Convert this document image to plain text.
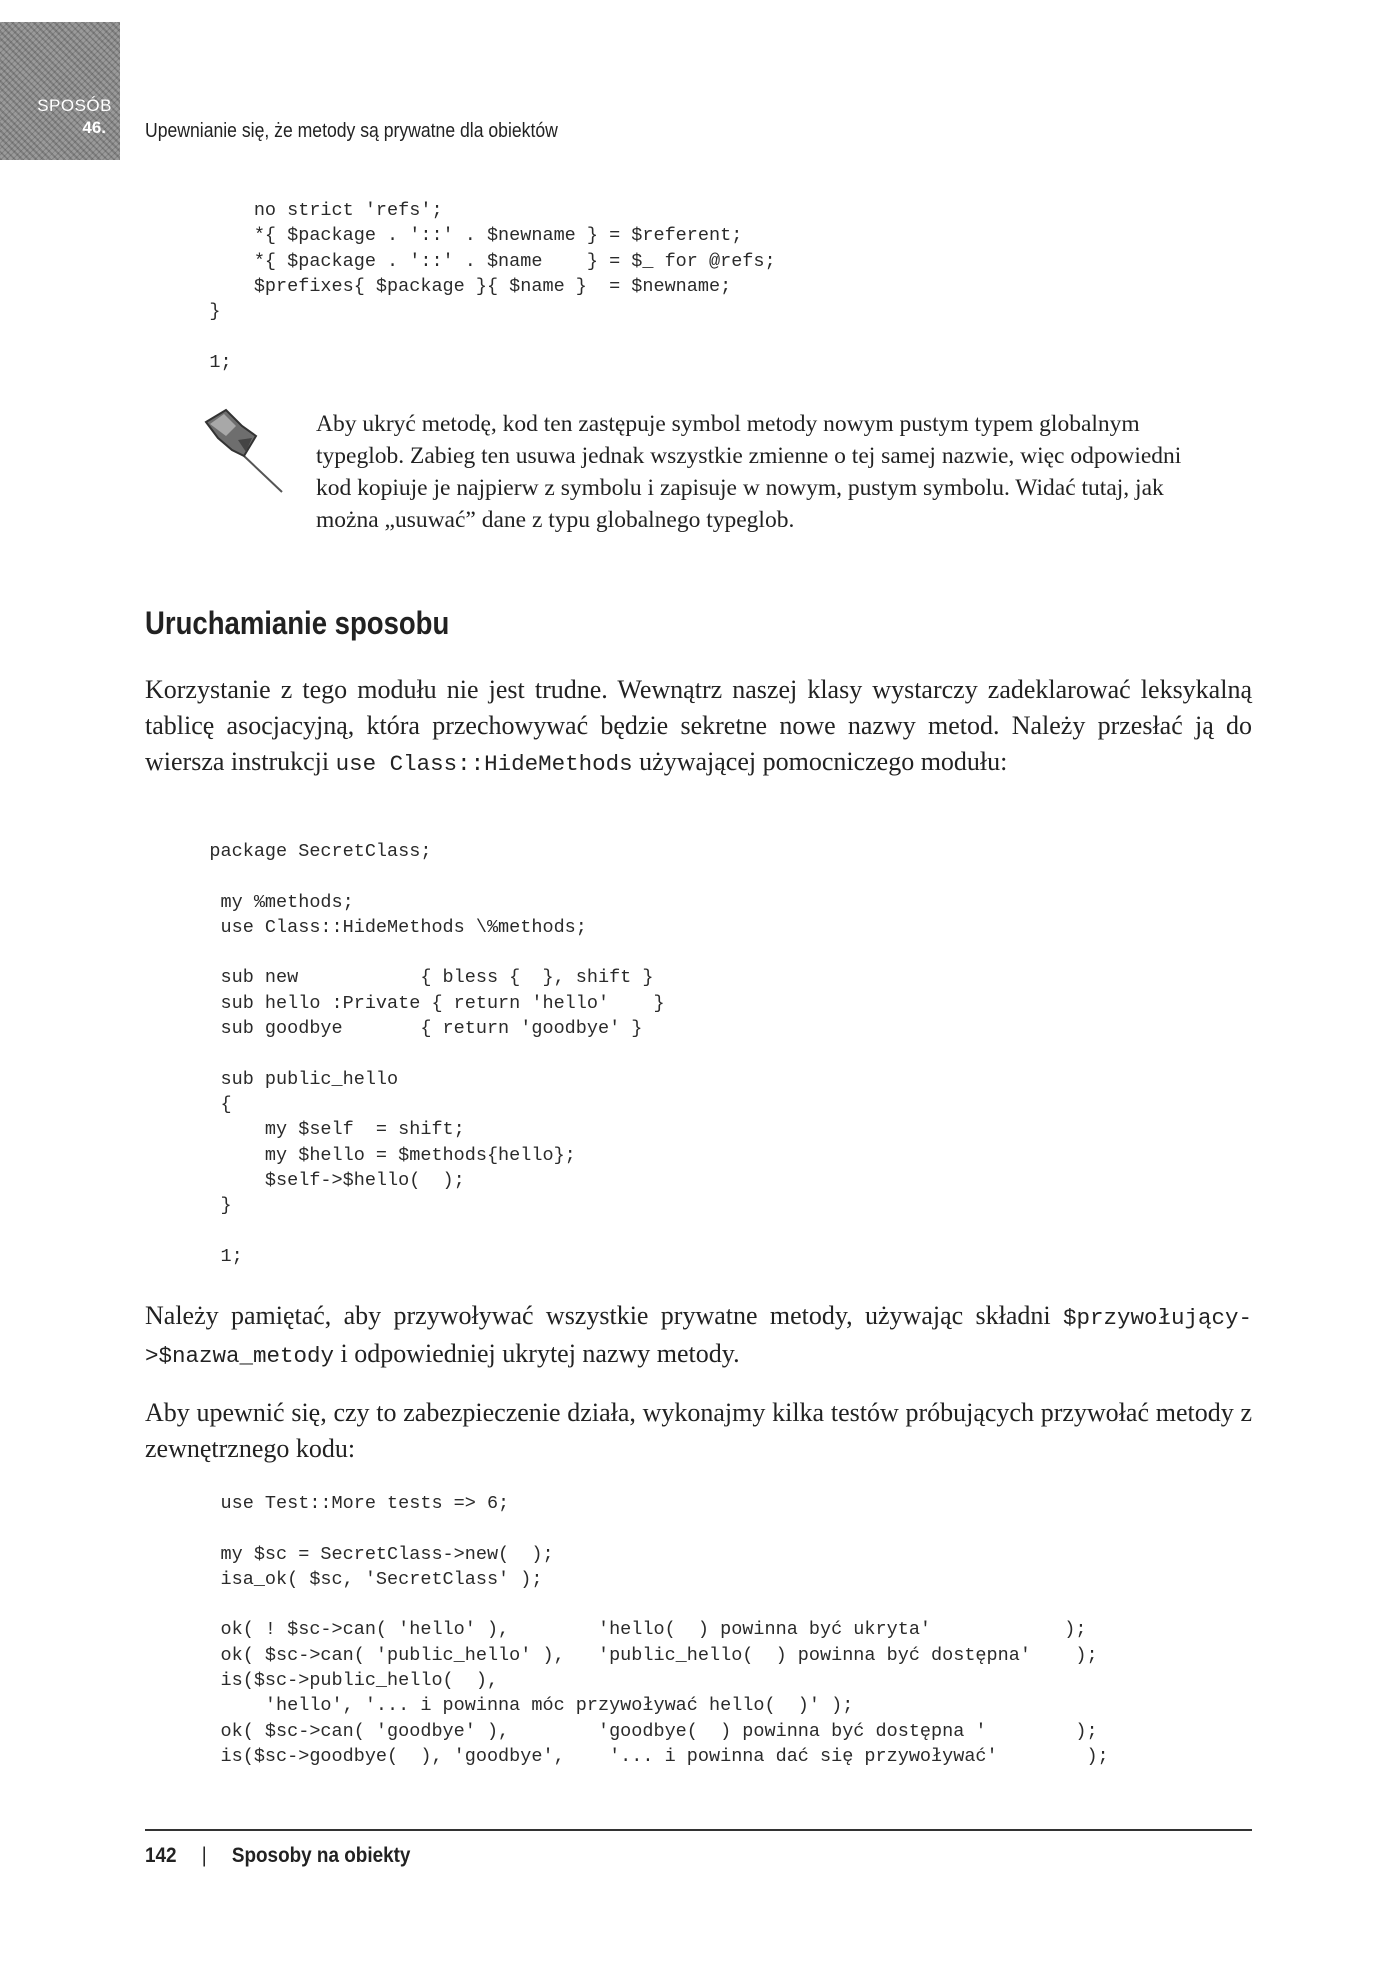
SPOSÓB
46. Upewnianie się, że metody są prywatne dla obiektów
no strict 'refs';
*{ $package . '::' . $newname } = $referent;
*{ $package . '::' . $name    } = $_ for @refs;
$prefixes{ $package }{ $name }  = $newname;
}

1;

Aby ukryć metodę, kod ten zastępuje symbol metody nowym pustym typem globalnym typeglob. Zabieg ten usuwa jednak wszystkie zmienne o tej samej nazwie, więc odpowiedni kod kopiuje je najpierw z symbolu i zapisuje w nowym, pustym symbolu. Widać tutaj, jak można „usuwać” dane z typu globalnego typeglob.

Uruchamianie sposobu

Korzystanie z tego modułu nie jest trudne. Wewnątrz naszej klasy wystarczy zadeklarować leksykalną tablicę asocjacyjną, która przechowywać będzie sekretne nowe nazwy metod. Należy przesłać ją do wiersza instrukcji use Class::HideMethods używającej pomocniczego modułu:

package SecretClass;

my %methods;
use Class::HideMethods \%methods;

sub new           { bless {  }, shift }
sub hello :Private { return 'hello'    }
sub goodbye       { return 'goodbye' }

sub public_hello
{
my $self  = shift;
my $hello = $methods{hello};
$self->$hello(  );
}

1;

Należy pamiętać, aby przywoływać wszystkie prywatne metody, używając składni $przywołujący->$nazwa_metody i odpowiedniej ukrytej nazwy metody.

Aby upewnić się, czy to zabezpieczenie działa, wykonajmy kilka testów próbujących przywołać metody z zewnętrznego kodu:

use Test::More tests => 6;

my $sc = SecretClass->new(  );
isa_ok( $sc, 'SecretClass' );

ok( ! $sc->can( 'hello' ),        'hello(  ) powinna być ukryta'            );
ok( $sc->can( 'public_hello' ),   'public_hello(  ) powinna być dostępna'    );
is($sc->public_hello(  ),
'hello', '... i powinna móc przywoływać hello(  )' );
ok( $sc->can( 'goodbye' ),        'goodbye(  ) powinna być dostępna '        );
is($sc->goodbye(  ), 'goodbye',    '... i powinna dać się przywoływać'        );
142 | Sposoby na obiekty
